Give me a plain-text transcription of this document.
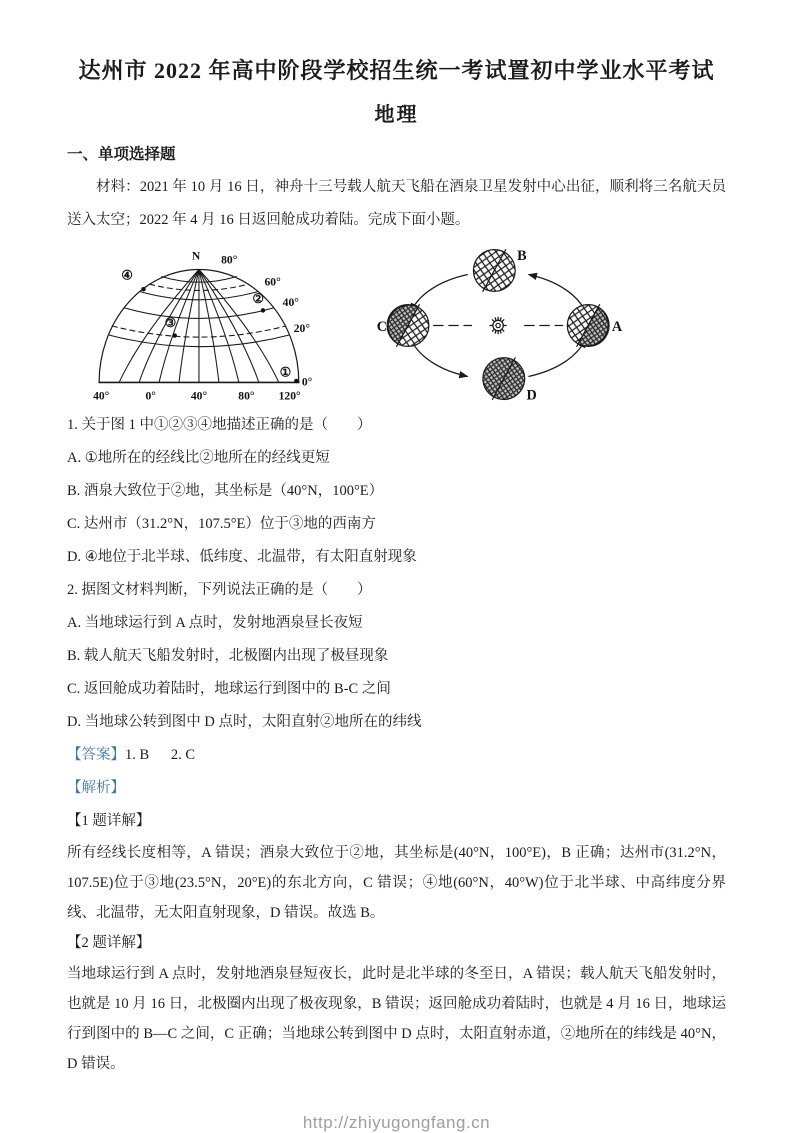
达州市 2022 年高中阶段学校招生统一考试置初中学业水平考试
地理
一、单项选择题

材料：2021 年 10 月 16 日，神舟十三号载人航天飞船在酒泉卫星发射中心出征，顺利将三名航天员送入太空；2022 年 4 月 16 日返回舱成功着陆。完成下面小题。

N 80°
60°
40°
20°
0°
40°	0°	40°	80° 120°
①
②
③
④
A
B
C
D
1. 关于图 1 中①②③④地描述正确的是（　　）
A. ①地所在的经线比②地所在的经线更短
B. 酒泉大致位于②地，其坐标是（40°N，100°E）
C. 达州市（31.2°N，107.5°E）位于③地的西南方
D. ④地位于北半球、低纬度、北温带，有太阳直射现象
2. 据图文材料判断，下列说法正确的是（　　）
A. 当地球运行到 A 点时，发射地酒泉昼长夜短
B. 载人航天飞船发射时，北极圈内出现了极昼现象
C. 返回舱成功着陆时，地球运行到图中的 B-C 之间
D. 当地球公转到图中 D 点时，太阳直射②地所在的纬线
【答案】1. B      2. C
【解析】
【1 题详解】

所有经线长度相等，A 错误；酒泉大致位于②地，其坐标是(40°N，100°E)，B 正确；达州市(31.2°N，107.5E)位于③地(23.5°N，20°E)的东北方向，C 错误；④地(60°N，40°W)位于北半球、中高纬度分界线、北温带，无太阳直射现象，D 错误。故选 B。

【2 题详解】

当地球运行到 A 点时，发射地酒泉昼短夜长，此时是北半球的冬至日，A 错误；载人航天飞船发射时，也就是 10 月 16 日，北极圈内出现了极夜现象，B 错误；返回舱成功着陆时，也就是 4 月 16 日，地球运行到图中的 B—C 之间，C 正确；当地球公转到图中 D 点时，太阳直射赤道，②地所在的纬线是 40°N，D 错误。

http://zhiyugongfang.cn
